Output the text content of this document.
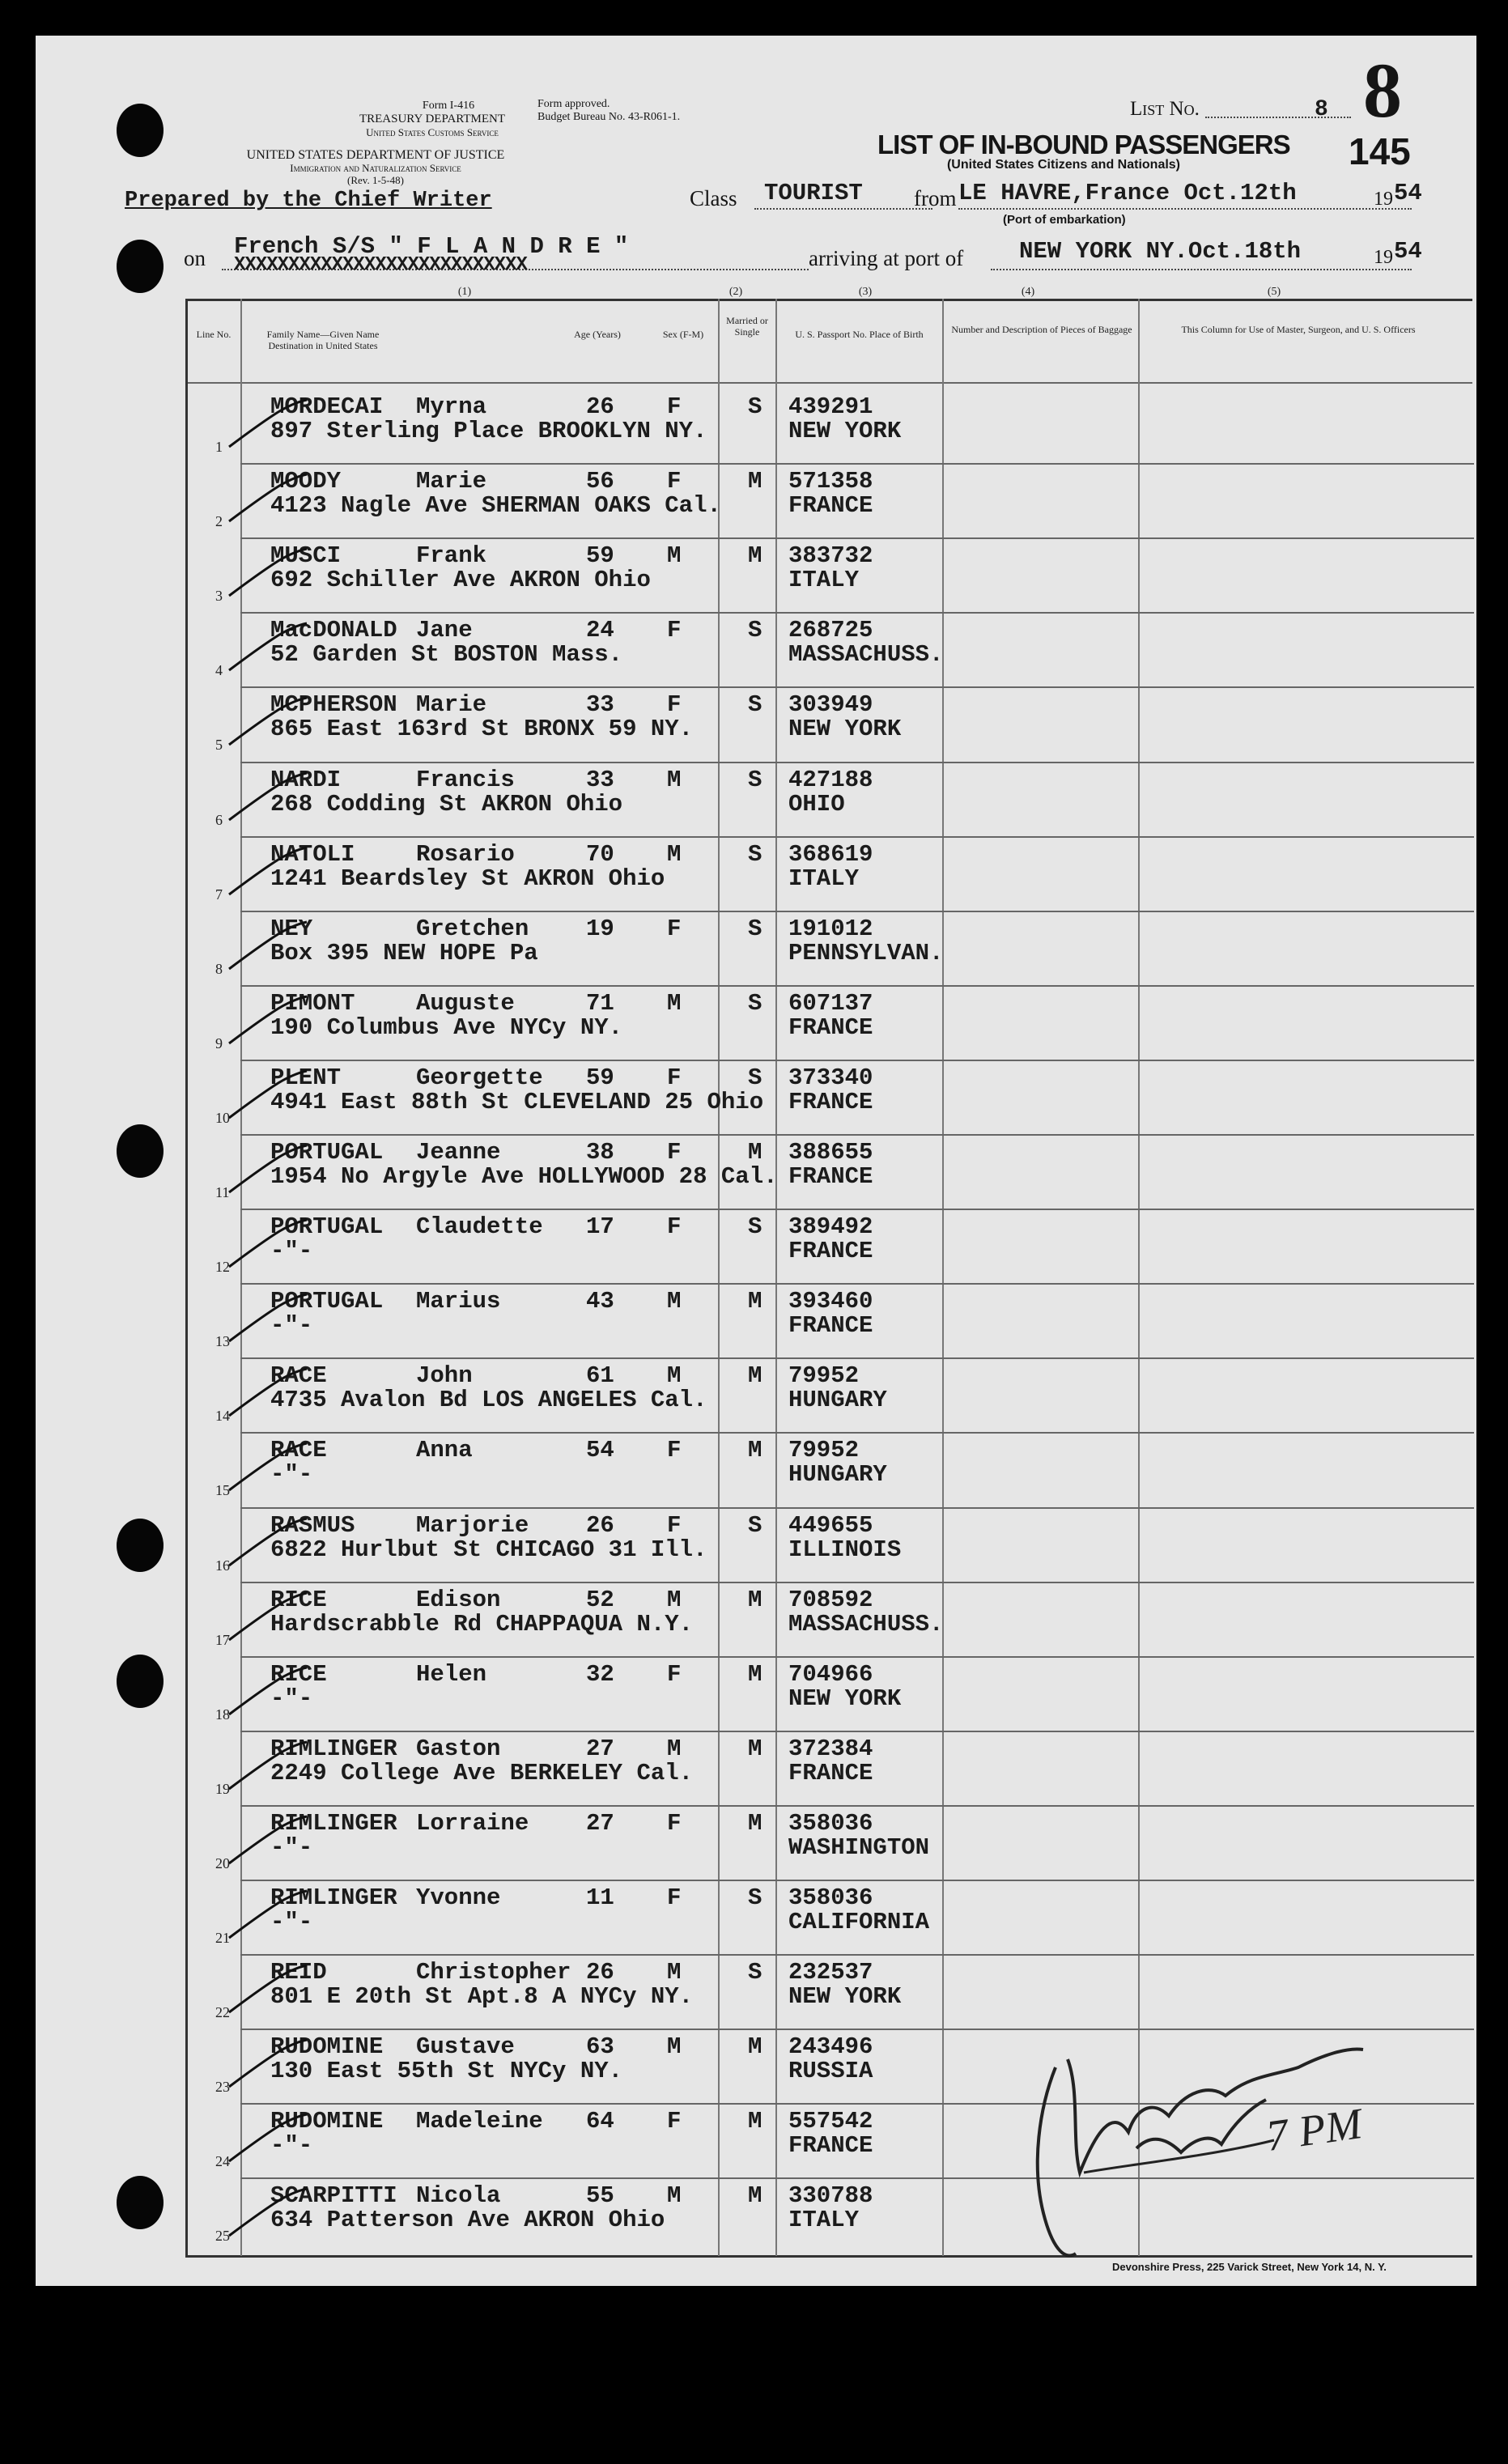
Form I-416
TREASURY DEPARTMENT
United States Customs Service
UNITED STATES DEPARTMENT OF JUSTICE
Immigration and Naturalization Service
(Rev. 1-5-48)
Form approved.
Budget Bureau No. 43-R061-1.
Prepared by the Chief Writer
List No.	8 8
145
LIST OF IN-BOUND PASSENGERS
(United States Citizens and Nationals)
Class TOURIST from LE HAVRE,France Oct.12th	19 54
(Port of embarkation)
on French S/S " F L A N D R E "
XXXXXXXXXXXXXXXXXXXXXXXXXXX	arriving at port of NEW YORK NY.Oct.18th	19 54
(1)	(2)	(3)	(4)	(5)
Line No.	Family Name—Given Name Destination in United States
Age (Years)	Sex (F-M)
Married or Single	U. S. Passport No. Place of Birth	Number and Description of Pieces of Baggage	This Column for Use of Master, Surgeon, and U. S. Officers
MORDECAI Myrna	26 F	S 439291
897 Sterling Place BROOKLYN NY.	NEW YORK
1
MOODY	Marie	56 F	M 571358
4123 Nagle Ave SHERMAN OAKS Cal.	FRANCE
2
MUSCI	Frank	59 M	M 383732
692 Schiller Ave AKRON Ohio	ITALY
3
MacDONALD Jane	24 F	S 268725
52 Garden St BOSTON Mass.	MASSACHUSS.
4
MCPHERSON Marie	33 F	S 303949
865 East 163rd St BRONX 59 NY.	NEW YORK
5
NARDI	Francis	33 M	S 427188
268 Codding St AKRON Ohio	OHIO
6
NATOLI	Rosario	70 M	S 368619
1241 Beardsley St AKRON Ohio	ITALY
7
NEY	Gretchen 19 F	S 191012
Box 395 NEW HOPE Pa	PENNSYLVAN.
8
PIMONT	Auguste	71 M	S 607137
190 Columbus Ave NYCy NY.	FRANCE
9
PLENT	Georgette 59 F	S 373340
4941 East 88th St CLEVELAND 25 Ohio FRANCE
10
PORTUGAL Jeanne	38 F	M 388655
1954 No Argyle Ave HOLLYWOOD 28 Cal. FRANCE
11
PORTUGAL Claudette 17 F	S 389492
-"-	FRANCE
12
PORTUGAL Marius	43 M	M 393460
-"-	FRANCE
13
RACE	John	61 M	M 79952
4735 Avalon Bd LOS ANGELES Cal.	HUNGARY
14
RACE	Anna	54 F	M 79952
-"-	HUNGARY
15
RASMUS	Marjorie 26 F	S 449655
6822 Hurlbut St CHICAGO 31 Ill.	ILLINOIS
16
RICE	Edison	52 M	M 708592
Hardscrabble Rd CHAPPAQUA N.Y.	MASSACHUSS.
17
RICE	Helen	32 F	M 704966
-"-	NEW YORK
18
RIMLINGER Gaston	27 M	M 372384
2249 College Ave BERKELEY Cal.	FRANCE
19
RIMLINGER Lorraine 27 F	M 358036
-"-	WASHINGTON
20
RIMLINGER Yvonne	11 F	S 358036
-"-	CALIFORNIA
21
REID	Christopher 26 M	S 232537
801 E 20th St Apt.8 A NYCy NY.	NEW YORK
22
RUDOMINE Gustave	63 M	M 243496
130 East 55th St NYCy NY.	RUSSIA
23
RUDOMINE Madeleine 64 F	M 557542
-"-	FRANCE
24
SCARPITTI Nicola	55 M	M 330788
634 Patterson Ave AKRON Ohio	ITALY
25
7 PM
Devonshire Press, 225 Varick Street, New York 14, N. Y.
